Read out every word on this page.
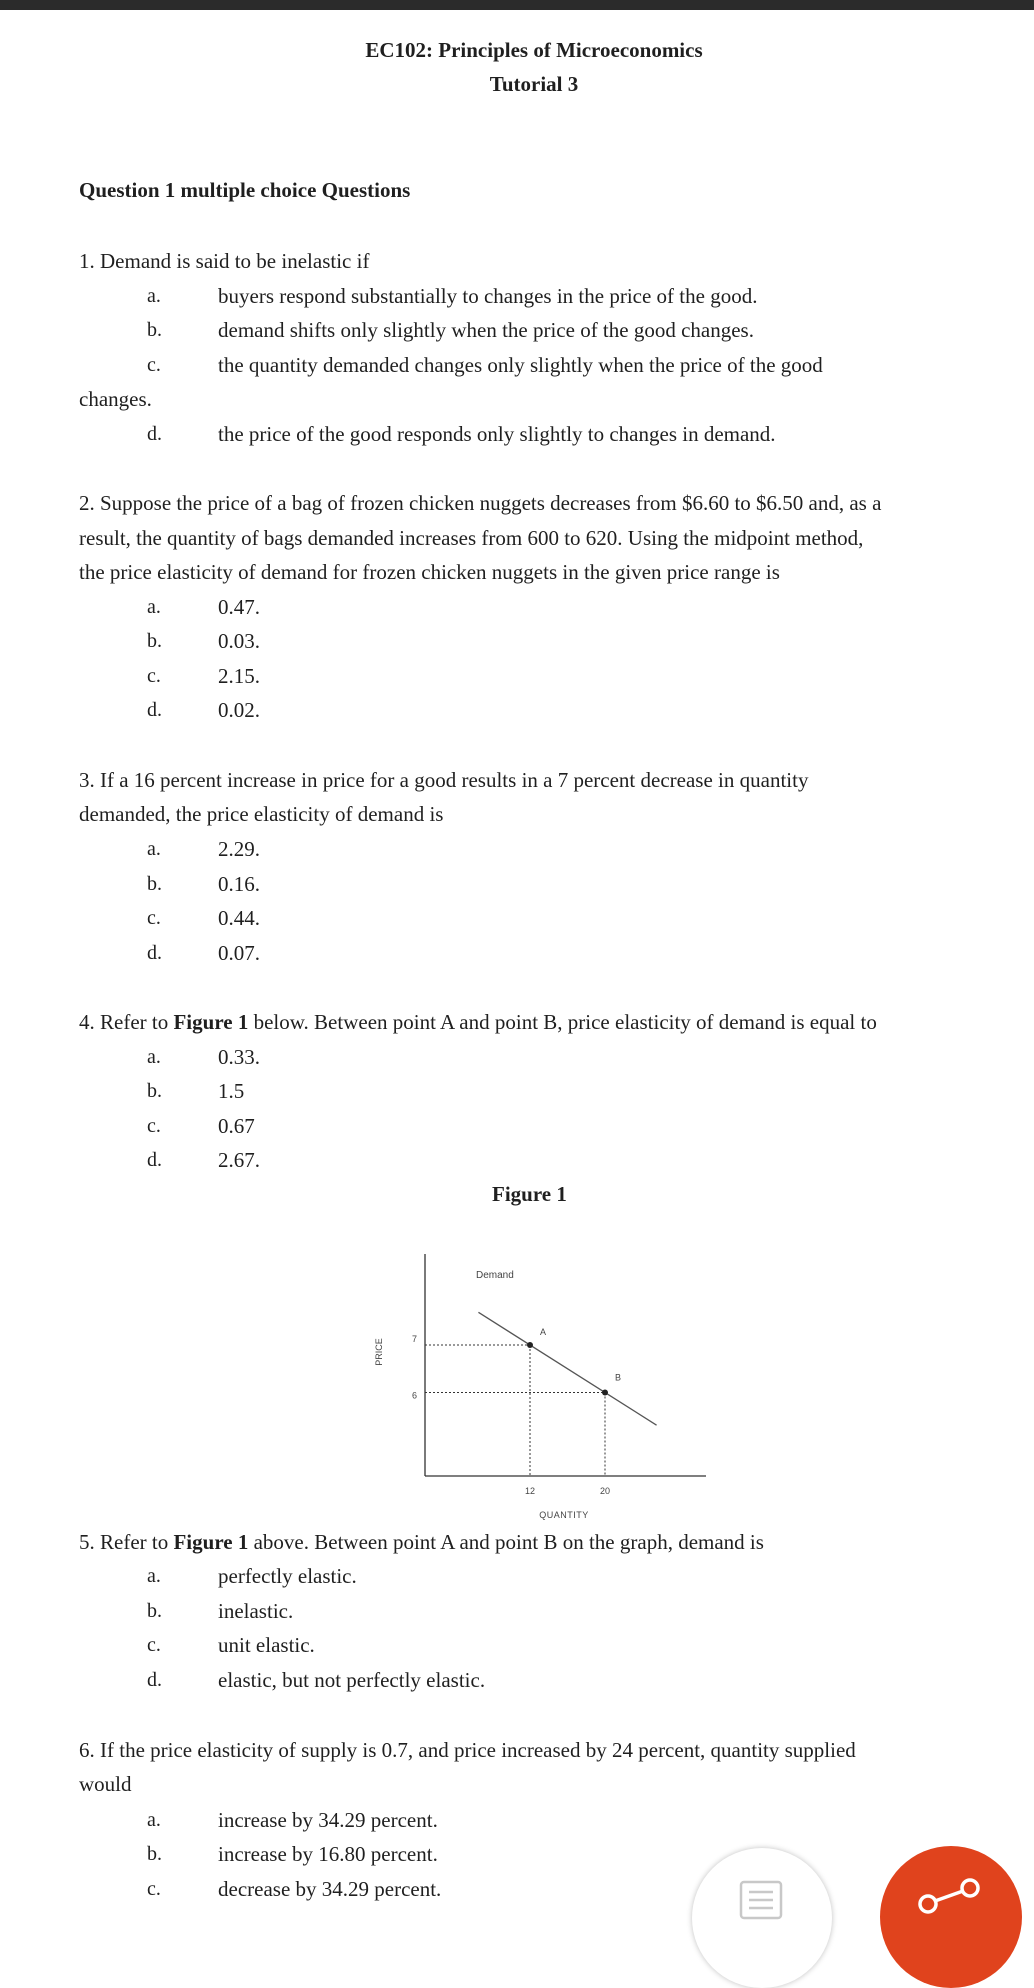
EC102: Principles of Microeconomics
Tutorial 3
Question 1 multiple choice Questions
1. Demand is said to be inelastic if
a.	buyers respond substantially to changes in the price of the good.
b.	demand shifts only slightly when the price of the good changes.
c.	the quantity demanded changes only slightly when the price of the good
changes.
d.	the price of the good responds only slightly to changes in demand.
2. Suppose the price of a bag of frozen chicken nuggets decreases from $6.60 to $6.50 and, as a
result, the quantity of bags demanded increases from 600 to 620. Using the midpoint method,
the price elasticity of demand for frozen chicken nuggets in the given price range is
a.	0.47.
b.	0.03.
c.	2.15.
d.	0.02.
3. If a 16 percent increase in price for a good results in a 7 percent decrease in quantity
demanded, the price elasticity of demand is
a.	2.29.
b.	0.16.
c.	0.44.
d.	0.07.
4. Refer to Figure 1 below. Between point A and point B, price elasticity of demand is equal to
a.	0.33.
b.	1.5
c.	0.67
d.	2.67.
Figure 1
A
B
Demand
7
6
12	20
QUANTITY
PRICE
5. Refer to Figure 1 above. Between point A and point B on the graph, demand is
a.	perfectly elastic.
b.	inelastic.
c.	unit elastic.
d.	elastic, but not perfectly elastic.
6. If the price elasticity of supply is 0.7, and price increased by 24 percent, quantity supplied
would
a.	increase by 34.29 percent.
b.	increase by 16.80 percent.
c.	decrease by 34.29 percent.
